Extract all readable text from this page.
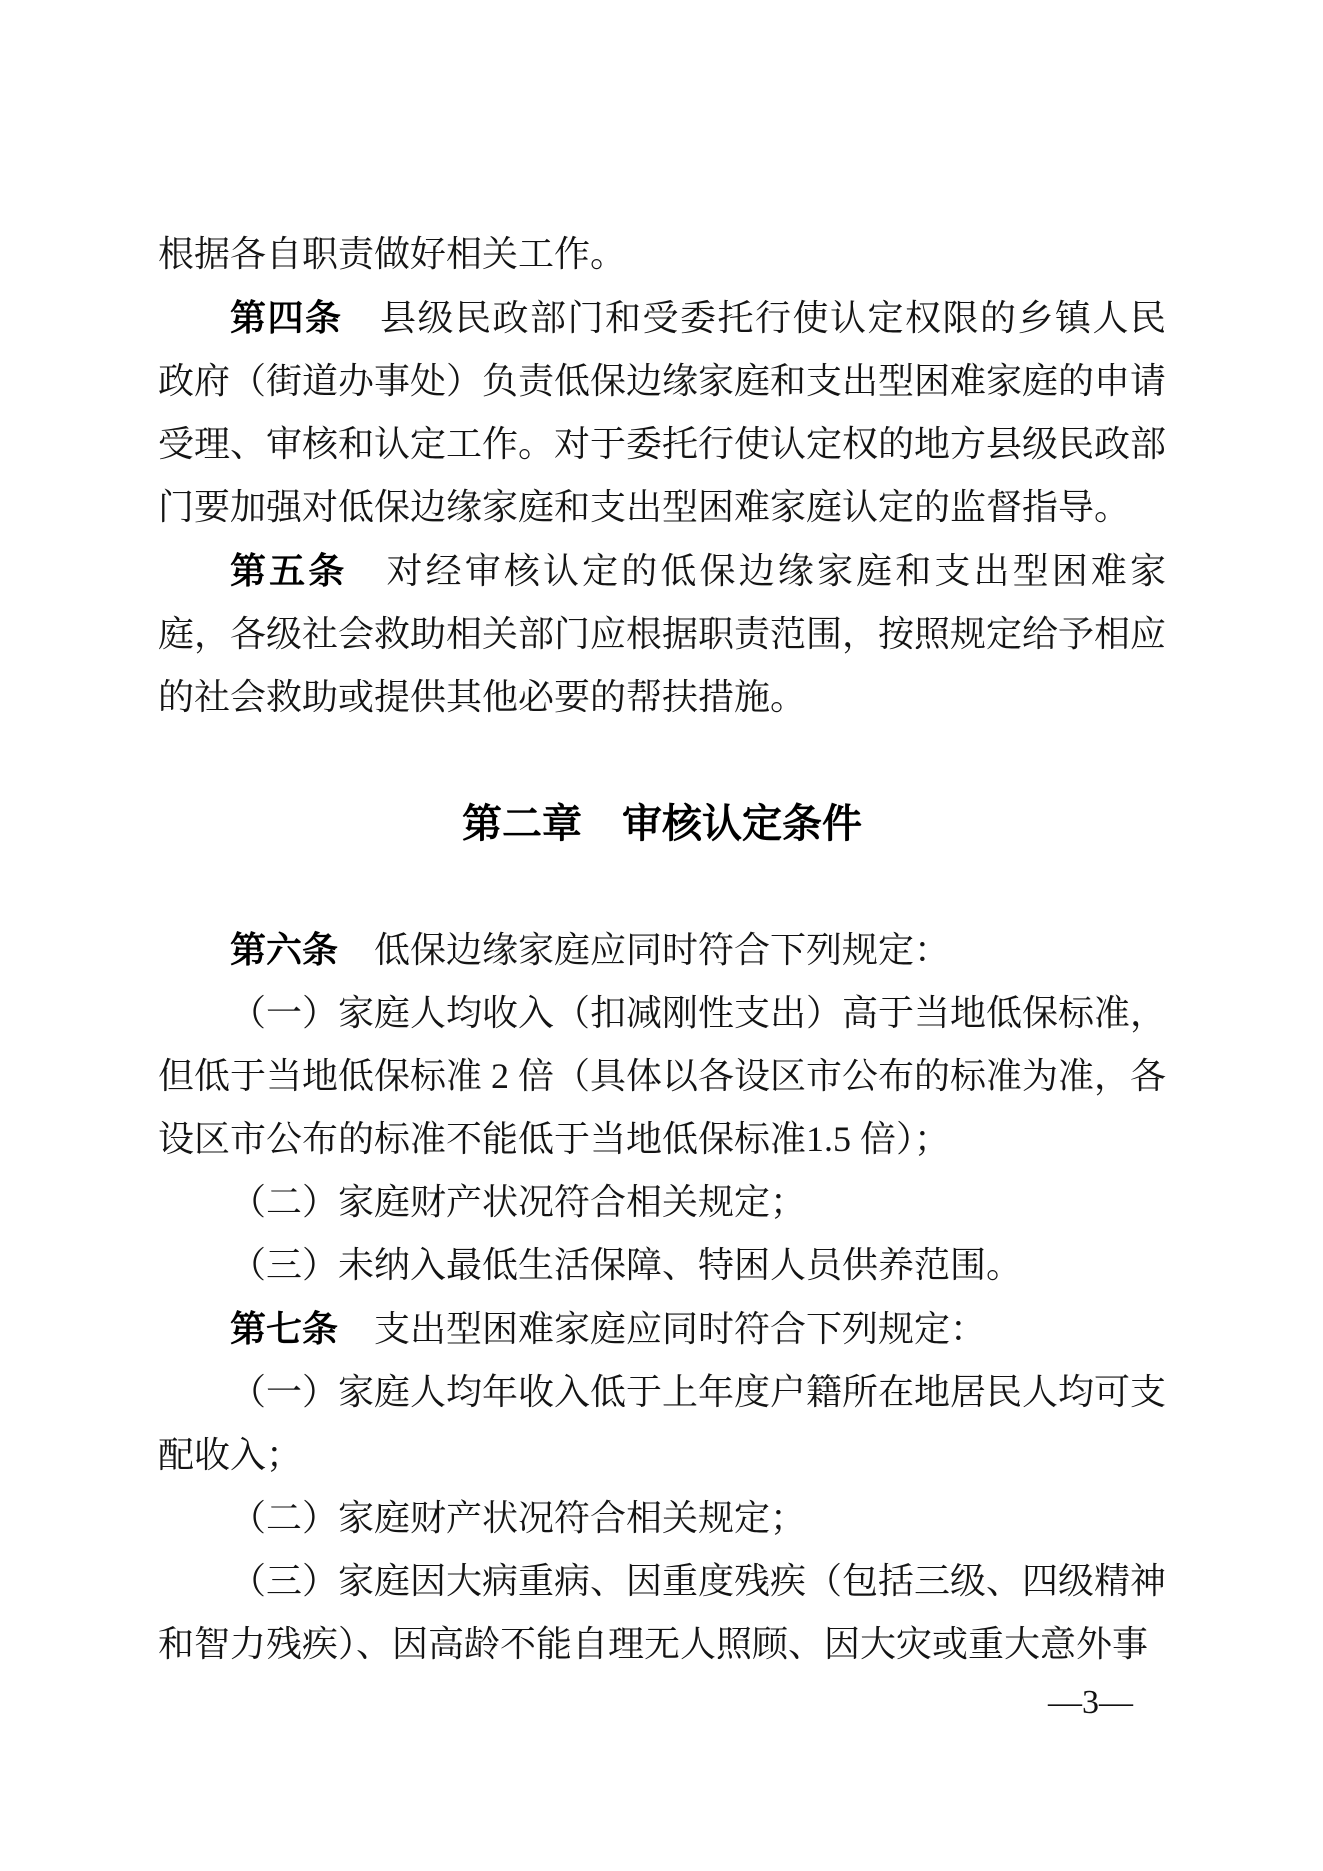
根据各自职责做好相关工作。

第四条　县级民政部门和受委托行使认定权限的乡镇人民政府（街道办事处）负责低保边缘家庭和支出型困难家庭的申请受理、审核和认定工作。对于委托行使认定权的地方县级民政部门要加强对低保边缘家庭和支出型困难家庭认定的监督指导。

第五条　对经审核认定的低保边缘家庭和支出型困难家庭，各级社会救助相关部门应根据职责范围，按照规定给予相应的社会救助或提供其他必要的帮扶措施。

第二章　审核认定条件

第六条　低保边缘家庭应同时符合下列规定：

（一）家庭人均收入（扣减刚性支出）高于当地低保标准，但低于当地低保标准 2 倍（具体以各设区市公布的标准为准，各设区市公布的标准不能低于当地低保标准1.5 倍）；

（二）家庭财产状况符合相关规定；

（三）未纳入最低生活保障、特困人员供养范围。

第七条　支出型困难家庭应同时符合下列规定：

（一）家庭人均年收入低于上年度户籍所在地居民人均可支配收入；

（二）家庭财产状况符合相关规定；

（三）家庭因大病重病、因重度残疾（包括三级、四级精神和智力残疾）、因高龄不能自理无人照顾、因大灾或重大意外事

—3—
